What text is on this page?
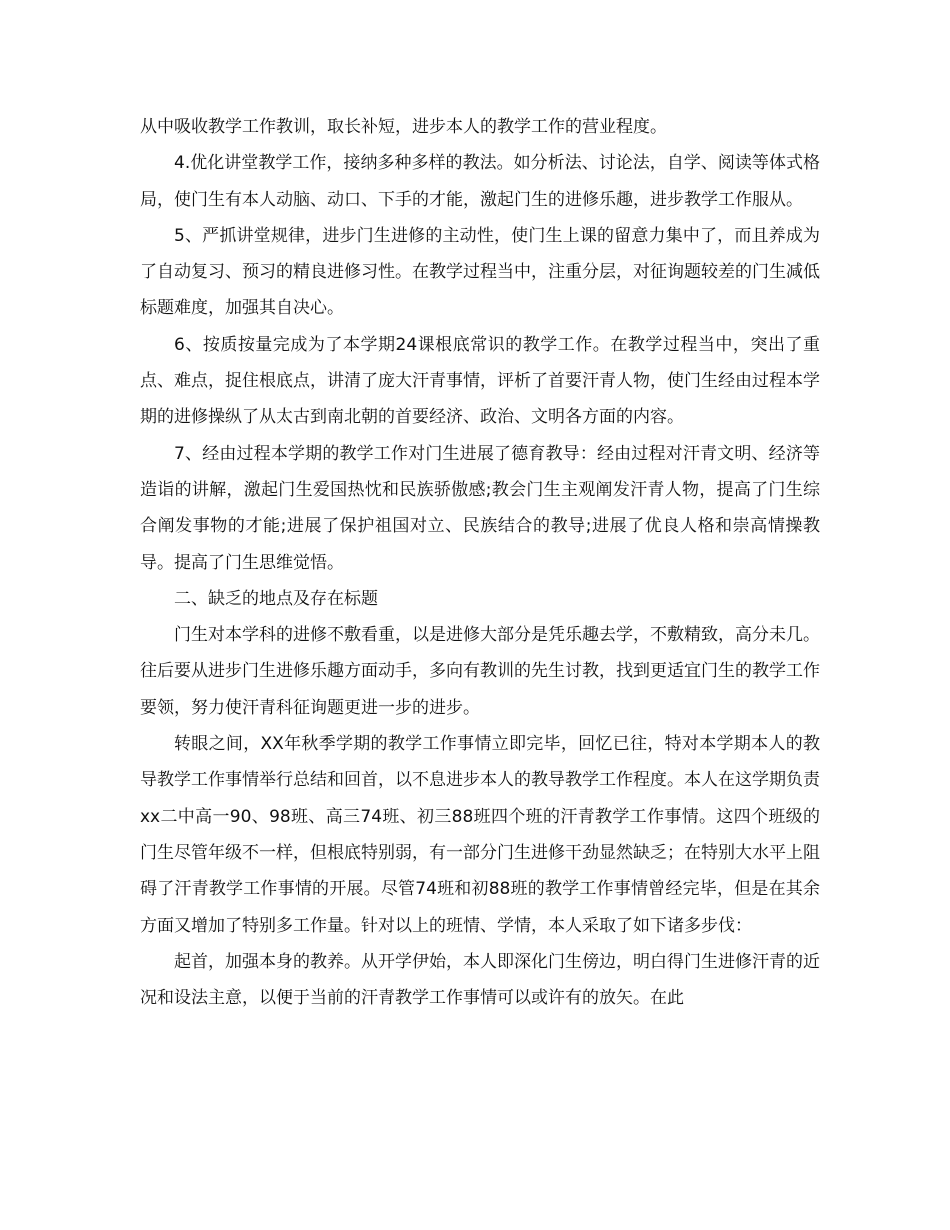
从中吸收教学工作教训，取长补短，进步本人的教学工作的营业程度。

4.优化讲堂教学工作，接纳多种多样的教法。如分析法、讨论法，自学、阅读等体式格局，使门生有本人动脑、动口、下手的才能，激起门生的进修乐趣，进步教学工作服从。

5、严抓讲堂规律，进步门生进修的主动性，使门生上课的留意力集中了，而且养成为了自动复习、预习的精良进修习性。在教学过程当中，注重分层，对征询题较差的门生减低标题难度，加强其自决心。

6、按质按量完成为了本学期24课根底常识的教学工作。在教学过程当中，突出了重点、难点，捉住根底点，讲清了庞大汗青事情，评析了首要汗青人物，使门生经由过程本学期的进修操纵了从太古到南北朝的首要经济、政治、文明各方面的内容。

7、经由过程本学期的教学工作对门生进展了德育教导：经由过程对汗青文明、经济等造诣的讲解，激起门生爱国热忱和民族骄傲感;教会门生主观阐发汗青人物，提高了门生综合阐发事物的才能;进展了保护祖国对立、民族结合的教导;进展了优良人格和崇高情操教导。提高了门生思维觉悟。

二、缺乏的地点及存在标题

门生对本学科的进修不敷看重，以是进修大部分是凭乐趣去学，不敷精致，高分未几。往后要从进步门生进修乐趣方面动手，多向有教训的先生讨教，找到更适宜门生的教学工作要领，努力使汗青科征询题更进一步的进步。

转眼之间，XX年秋季学期的教学工作事情立即完毕，回忆已往，特对本学期本人的教导教学工作事情举行总结和回首，以不息进步本人的教导教学工作程度。本人在这学期负责xx二中高一90、98班、高三74班、初三88班四个班的汗青教学工作事情。这四个班级的门生尽管年级不一样，但根底特别弱，有一部分门生进修干劲显然缺乏；在特别大水平上阻碍了汗青教学工作事情的开展。尽管74班和初88班的教学工作事情曾经完毕，但是在其余方面又增加了特别多工作量。针对以上的班情、学情，本人采取了如下诸多步伐：

起首，加强本身的教养。从开学伊始，本人即深化门生傍边，明白得门生进修汗青的近况和设法主意，以便于当前的汗青教学工作事情可以或许有的放矢。在此
